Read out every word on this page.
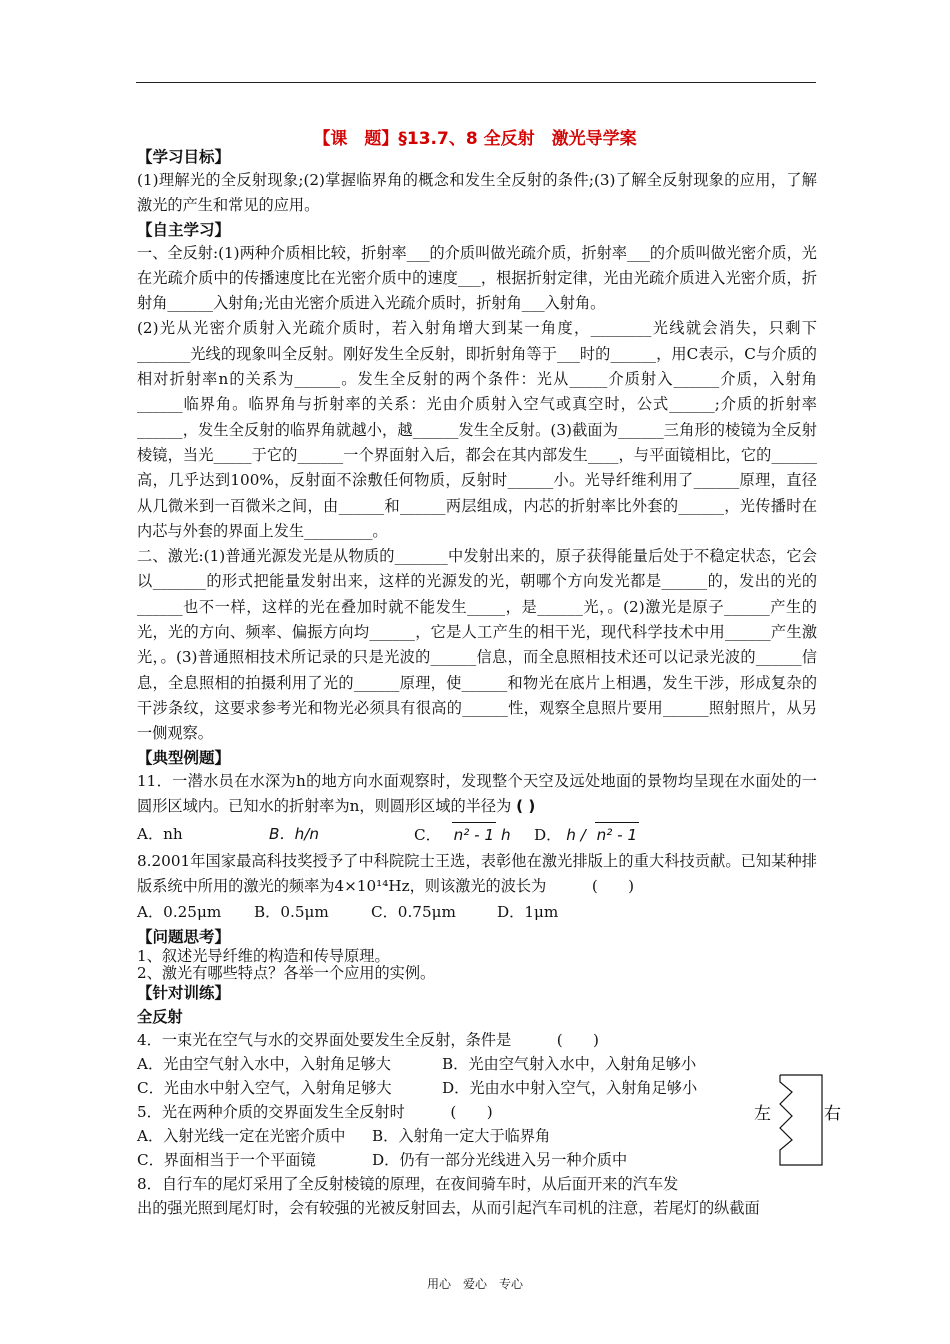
【课　题】§13.7、8 全反射　激光导学案
【学习目标】
(1)理解光的全反射现象;(2)掌握临界角的概念和发生全反射的条件;(3)了解全反射现象的应用，了解激光的产生和常见的应用。
【自主学习】
一、全反射:(1)两种介质相比较，折射率___的介质叫做光疏介质，折射率___的介质叫做光密介质，光在光疏介质中的传播速度比在光密介质中的速度___，根据折射定律，光由光疏介质进入光密介质，折射角______入射角;光由光密介质进入光疏介质时，折射角___入射角。
(2)光从光密介质射入光疏介质时，若入射角增大到某一角度，________光线就会消失，只剩下_______光线的现象叫全反射。刚好发生全反射，即折射角等于___时的______，用C表示，C与介质的相对折射率n的关系为______。发生全反射的两个条件：光从_____介质射入______介质，入射角______临界角。临界角与折射率的关系：光由介质射入空气或真空时，公式______;介质的折射率______，发生全反射的临界角就越小，越______发生全反射。(3)截面为______三角形的棱镜为全反射棱镜，当光_____于它的______一个界面射入后，都会在其内部发生____，与平面镜相比，它的______高，几乎达到100%，反射面不涂敷任何物质，反射时______小。光导纤维利用了______原理，直径从几微米到一百微米之间，由______和______两层组成，内芯的折射率比外套的______，光传播时在内芯与外套的界面上发生_________。
二、激光:(1)普通光源发光是从物质的_______中发射出来的，原子获得能量后处于不稳定状态，它会以_______的形式把能量发射出来，这样的光源发的光，朝哪个方向发光都是______的，发出的光的______也不一样，这样的光在叠加时就不能发生_____，是______光，。(2)激光是原子______产生的光，光的方向、频率、偏振方向均______，它是人工产生的相干光，现代科学技术中用______产生激光，。(3)普通照相技术所记录的只是光波的______信息，而全息照相技术还可以记录光波的______信息，全息照相的拍摄利用了光的______原理，使______和物光在底片上相遇，发生干涉，形成复杂的干涉条纹，这要求参考光和物光必须具有很高的______性，观察全息照片要用______照射照片，从另一侧观察。
【典型例题】
11．一潜水员在水深为h的地方向水面观察时，发现整个天空及远处地面的景物均呈现在水面处的一圆形区域内。已知水的折射率为n，则圆形区域的半径为 ( )
A．nh	B．h/n	C． n² - 1 h	D． h / n² - 1
8.2001年国家最高科技奖授予了中科院院士王选，表彰他在激光排版上的重大科技贡献。已知某种排版系统中所用的激光的频率为4×10¹⁴Hz，则该激光的波长为　　　(　　)
A．0.25μm	B．0.5μm	C．0.75μm	D．1μm
【问题思考】
1、叙述光导纤维的构造和传导原理。
2、激光有哪些特点？各举一个应用的实例。
【针对训练】
全反射
4．一束光在空气与水的交界面处要发生全反射，条件是　　　(　　)
A．光由空气射入水中，入射角足够大	B．光由空气射入水中，入射角足够小
C．光由水中射入空气，入射角足够大	D．光由水中射入空气，入射角足够小
5．光在两种介质的交界面发生全反射时　　　(　　)
A．入射光线一定在光密介质中	B．入射角一定大于临界角
C．界面相当于一个平面镜	D．仍有一部分光线进入另一种介质中
8．自行车的尾灯采用了全反射棱镜的原理，在夜间骑车时，从后面开来的汽车发
出的强光照到尾灯时，会有较强的光被反射回去，从而引起汽车司机的注意，若尾灯的纵截面
左	右
用心　爱心　专心
